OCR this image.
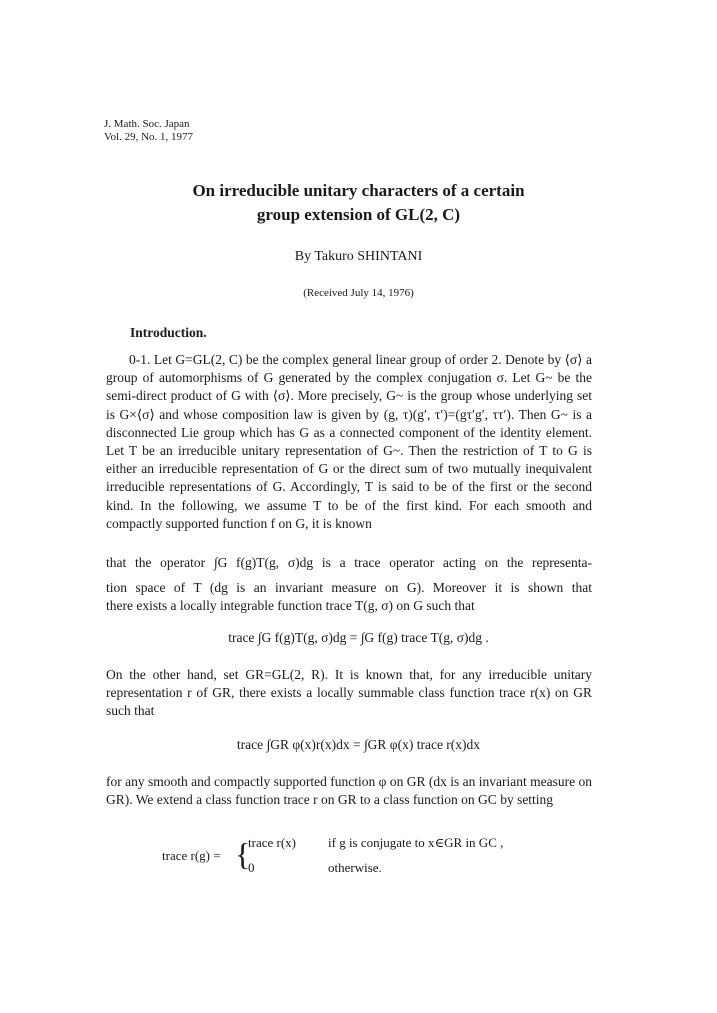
J. Math. Soc. Japan
Vol. 29, No. 1, 1977
On irreducible unitary characters of a certain
group extension of GL(2, C)
By Takuro SHINTANI
(Received July 14, 1976)
Introduction.
0-1. Let G=GL(2, C) be the complex general linear group of order 2. Denote by ⟨σ⟩ a group of automorphisms of G generated by the complex conjugation σ. Let G~ be the semi-direct product of G with ⟨σ⟩. More precisely, G~ is the group whose underlying set is G×⟨σ⟩ and whose composition law is given by (g, τ)(g′, τ′)=(gτ′g′, ττ′). Then G~ is a disconnected Lie group which has G as a connected component of the identity element. Let T be an irreducible unitary representation of G~. Then the restriction of T to G is either an irreducible representation of G or the direct sum of two mutually inequivalent irreducible representations of G. Accordingly, T is said to be of the first or the second kind. In the following, we assume T to be of the first kind. For each smooth and compactly supported function f on G, it is known
that the operator ∫G f(g)T(g, σ)dg is a trace operator acting on the representa-
tion space of T (dg is an invariant measure on G). Moreover it is shown that
there exists a locally integrable function trace T(g, σ) on G such that
trace ∫G f(g)T(g, σ)dg = ∫G f(g) trace T(g, σ)dg .
On the other hand, set GR=GL(2, R). It is known that, for any irreducible unitary representation r of GR, there exists a locally summable class function trace r(x) on GR such that
trace ∫GR φ(x)r(x)dx = ∫GR φ(x) trace r(x)dx
for any smooth and compactly supported function φ on GR (dx is an invariant measure on GR). We extend a class function trace r on GR to a class function on GC by setting
trace r(g) = {
trace r(x) if g is conjugate to x∈GR in GC ,
0	otherwise.
